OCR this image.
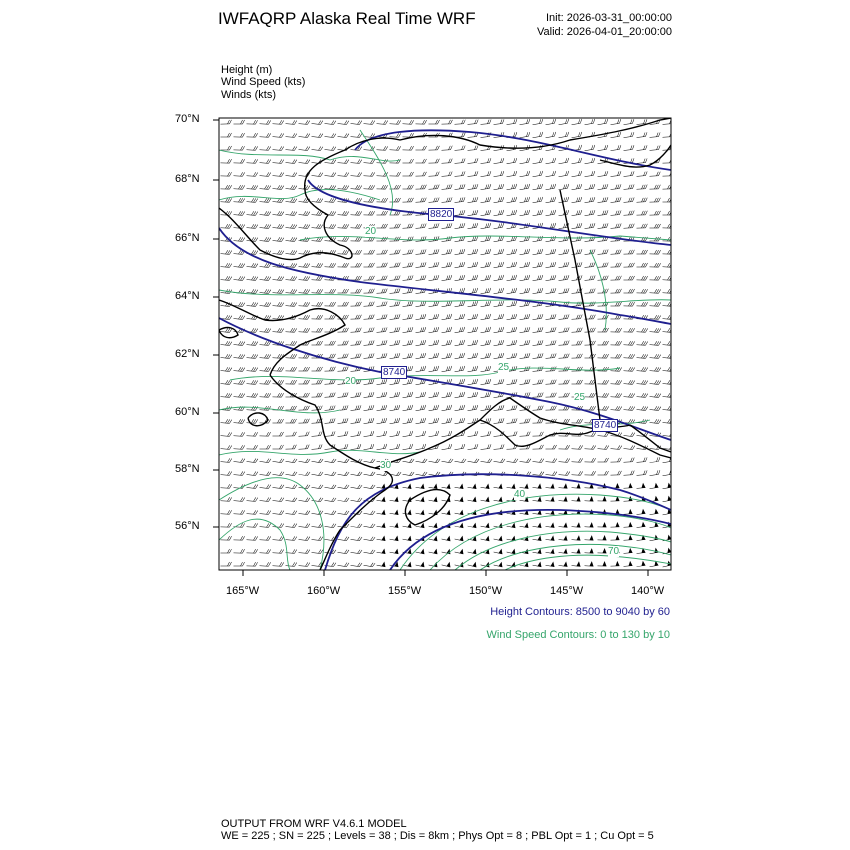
IWFAQRP Alaska Real Time WRF	Init: 2026-03-31_00:00:00
Valid: 2026-04-01_20:00:00
Height (m)
Wind Speed (kts)
Winds (kts)
70°N
68°N
66°N
64°N
62°N
60°N
58°N
56°N
165°W	160°W	155°W	150°W	145°W	140°W
8820
8740
8740
20
20
25
30
40
70
25
Height Contours: 8500 to 9040 by 60
Wind Speed Contours: 0 to 130 by 10
OUTPUT FROM WRF V4.6.1 MODEL
WE = 225 ; SN = 225 ; Levels = 38 ; Dis = 8km ; Phys Opt = 8 ; PBL Opt = 1 ; Cu Opt = 5
